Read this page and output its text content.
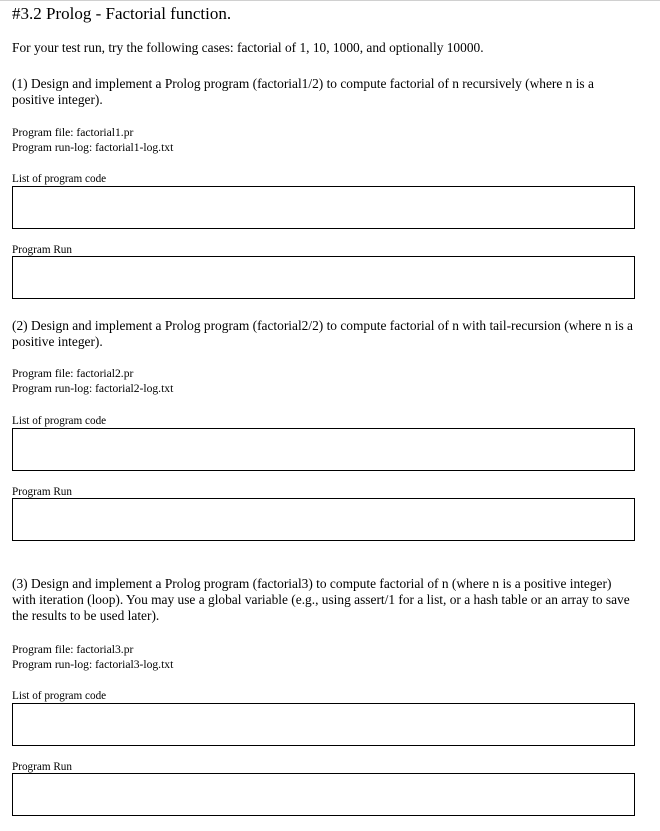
#3.2 Prolog - Factorial function.
For your test run, try the following cases: factorial of 1, 10, 1000, and optionally 10000.
(1) Design and implement a Prolog program (factorial1/2) to compute factorial of n recursively (where n is a positive integer).
Program file: factorial1.pr
Program run-log: factorial1-log.txt
List of program code
Program Run
(2) Design and implement a Prolog program (factorial2/2) to compute factorial of n with tail-recursion (where n is a positive integer).
Program file: factorial2.pr
Program run-log: factorial2-log.txt
List of program code
Program Run
(3) Design and implement a Prolog program (factorial3) to compute factorial of n (where n is a positive integer) with iteration (loop). You may use a global variable (e.g., using assert/1 for a list, or a hash table or an array to save the results to be used later).
Program file: factorial3.pr
Program run-log: factorial3-log.txt
List of program code
Program Run
